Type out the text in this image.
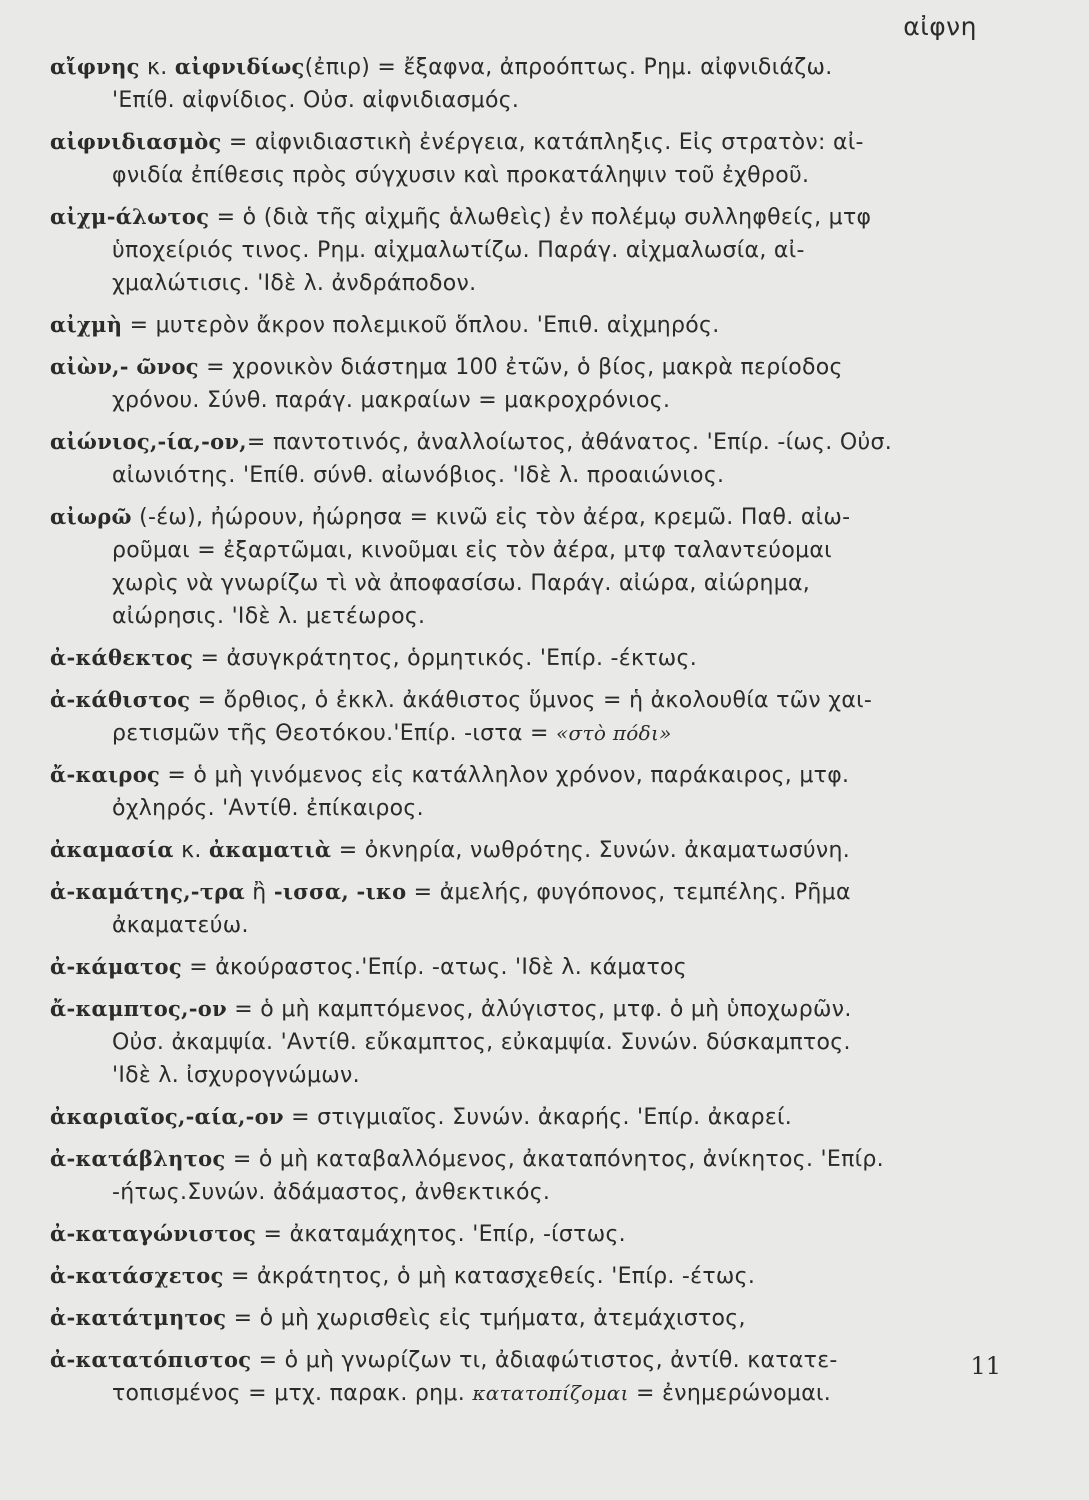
αἰφνη
αἴφνης κ. αἰφνιδίως(ἐπιρ) = ἔξαφνα, ἀπροόπτως. Ρημ. αἰφνιδιάζω.
'Επίθ. αἰφνίδιος. Οὐσ. αἰφνιδιασμός.
αἰφνιδιασμὸς = αἰφνιδιαστικὴ ἐνέργεια, κατάπληξις. Εἰς στρατὸν: αἰ-
φνιδία ἐπίθεσις πρὸς σύγχυσιν καὶ προκατάληψιν τοῦ ἐχθροῦ.
αἰχμ-άλωτος = ὁ (διὰ τῆς αἰχμῆς ἁλωθεὶς) ἐν πολέμῳ συλληφθείς, μτφ
ὑποχείριός τινος. Ρημ. αἰχμαλωτίζω. Παράγ. αἰχμαλωσία, αἰ-
χμαλώτισις. 'Ιδὲ λ. ἀνδράποδον.
αἰχμὴ = μυτερὸν ἄκρον πολεμικοῦ ὅπλου. 'Επιθ. αἰχμηρός.
αἰὼν,- ῶνος = χρονικὸν διάστημα 100 ἐτῶν, ὁ βίος, μακρὰ περίοδος
χρόνου. Σύνθ. παράγ. μακραίων = μακροχρόνιος.
αἰώνιος,-ία,-ον,= παντοτινός, ἀναλλοίωτος, ἀθάνατος. 'Επίρ. -ίως. Οὐσ.
αἰωνιότης. 'Επίθ. σύνθ. αἰωνόβιος. 'Ιδὲ λ. προαιώνιος.
αἰωρῶ (-έω), ἠώρουν, ἠώρησα = κινῶ εἰς τὸν ἀέρα, κρεμῶ. Παθ. αἰω-
ροῦμαι = ἐξαρτῶμαι, κινοῦμαι εἰς τὸν ἀέρα, μτφ ταλαντεύομαι
χωρὶς νὰ γνωρίζω τὶ νὰ ἀποφασίσω. Παράγ. αἰώρα, αἰώρημα,
αἰώρησις. 'Ιδὲ λ. μετέωρος.
ἀ-κάθεκτος = ἀσυγκράτητος, ὁρμητικός. 'Επίρ. -έκτως.
ἀ-κάθιστος = ὄρθιος, ὁ ἐκκλ. ἀκάθιστος ὕμνος = ἡ ἀκολουθία τῶν χαι-
ρετισμῶν τῆς Θεοτόκου.'Επίρ. -ιστα = «στὸ πόδι»
ἄ-καιρος = ὁ μὴ γινόμενος εἰς κατάλληλον χρόνον, παράκαιρος, μτφ.
ὀχληρός. 'Αντίθ. ἐπίκαιρος.
ἀκαμασία κ. ἀκαματιὰ = ὀκνηρία, νωθρότης. Συνών. ἀκαματωσύνη.
ἀ-καμάτης,-τρα ἢ -ισσα, -ικο = ἀμελής, φυγόπονος, τεμπέλης. Ρῆμα
ἀκαματεύω.
ἀ-κάματος = ἀκούραστος.'Επίρ. -ατως. 'Ιδὲ λ. κάματος
ἄ-καμπτος,-ον = ὁ μὴ καμπτόμενος, ἀλύγιστος, μτφ. ὁ μὴ ὑποχωρῶν.
Οὐσ. ἀκαμψία. 'Αντίθ. εὔκαμπτος, εὐκαμψία. Συνών. δύσκαμπτος.
'Ιδὲ λ. ἰσχυρογνώμων.
ἀκαριαῖος,-αία,-ον = στιγμιαῖος. Συνών. ἀκαρής. 'Επίρ. ἀκαρεί.
ἀ-κατάβλητος = ὁ μὴ καταβαλλόμενος, ἀκαταπόνητος, ἀνίκητος. 'Επίρ.
-ήτως.Συνών. ἀδάμαστος, ἀνθεκτικός.
ἀ-καταγώνιστος = ἀκαταμάχητος. 'Επίρ, -ίστως.
ἀ-κατάσχετος = ἀκράτητος, ὁ μὴ κατασχεθείς. 'Επίρ. -έτως.
ἀ-κατάτμητος = ὁ μὴ χωρισθεὶς εἰς τμήματα, ἀτεμάχιστος,
ἀ-κατατόπιστος = ὁ μὴ γνωρίζων τι, ἀδιαφώτιστος, ἀντίθ. κατατε-
τοπισμένος = μτχ. παρακ. ρημ. κατατοπίζομαι = ἐνημερώνομαι.
11
